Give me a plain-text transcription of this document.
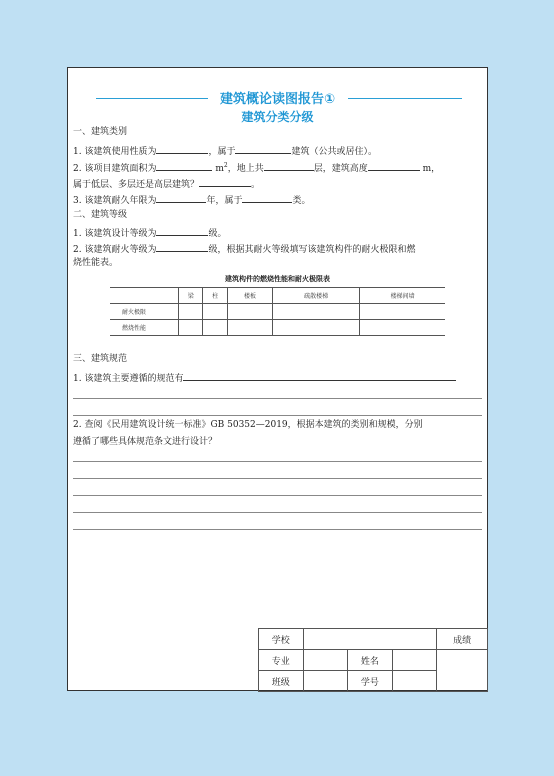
建筑概论读图报告①
建筑分类分级
一、建筑类别
1. 该建筑使用性质为	，属于	建筑（公共或居住）。
2. 该项目建筑面积为	$m^2$，地上共	层，建筑高度	m，
属于低层、多层还是高层建筑？	。
3. 该建筑耐久年限为	年，属于	类。
二、建筑等级
1. 该建筑设计等级为	级。
2. 该建筑耐火等级为	级，根据其耐火等级填写该建筑构件的耐火极限和燃
烧性能表。
建筑构件的燃烧性能和耐火极限表
	梁	柱	楼板	疏散楼梯	楼梯间墙
耐火极限					
燃烧性能					
三、建筑规范
1. 该建筑主要遵循的规范有
2. 查阅《民用建筑设计统一标准》GB 50352—2019，根据本建筑的类别和规模，分别
遵循了哪些具体规范条文进行设计？
学校				成绩
专业		姓名		
班级		学号		
